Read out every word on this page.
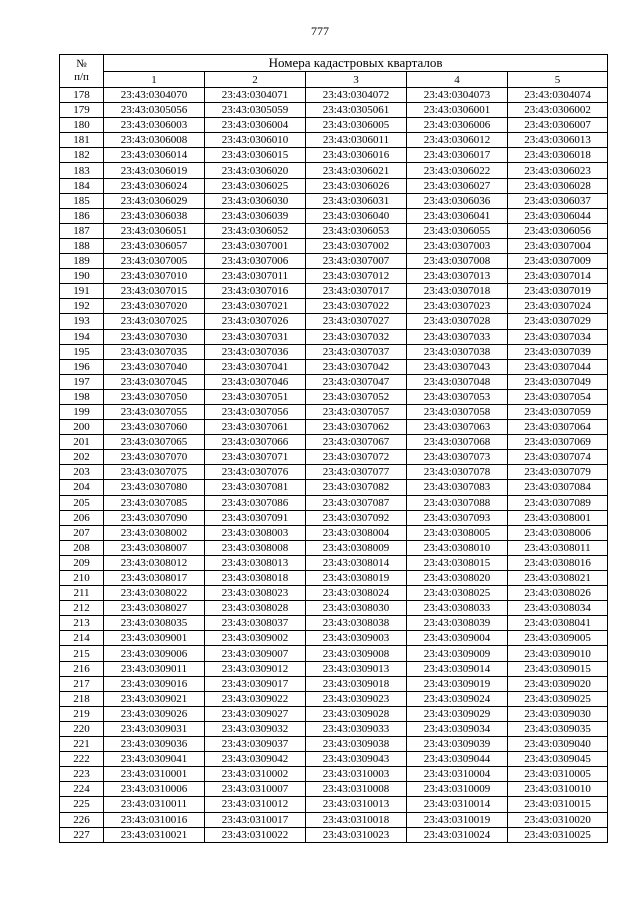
777
№
п/п	Номера кадастровых кварталов				
	1	2	3	4	5
178	23:43:0304070	23:43:0304071	23:43:0304072	23:43:0304073	23:43:0304074
179	23:43:0305056	23:43:0305059	23:43:0305061	23:43:0306001	23:43:0306002
180	23:43:0306003	23:43:0306004	23:43:0306005	23:43:0306006	23:43:0306007
181	23:43:0306008	23:43:0306010	23:43:0306011	23:43:0306012	23:43:0306013
182	23:43:0306014	23:43:0306015	23:43:0306016	23:43:0306017	23:43:0306018
183	23:43:0306019	23:43:0306020	23:43:0306021	23:43:0306022	23:43:0306023
184	23:43:0306024	23:43:0306025	23:43:0306026	23:43:0306027	23:43:0306028
185	23:43:0306029	23:43:0306030	23:43:0306031	23:43:0306036	23:43:0306037
186	23:43:0306038	23:43:0306039	23:43:0306040	23:43:0306041	23:43:0306044
187	23:43:0306051	23:43:0306052	23:43:0306053	23:43:0306055	23:43:0306056
188	23:43:0306057	23:43:0307001	23:43:0307002	23:43:0307003	23:43:0307004
189	23:43:0307005	23:43:0307006	23:43:0307007	23:43:0307008	23:43:0307009
190	23:43:0307010	23:43:0307011	23:43:0307012	23:43:0307013	23:43:0307014
191	23:43:0307015	23:43:0307016	23:43:0307017	23:43:0307018	23:43:0307019
192	23:43:0307020	23:43:0307021	23:43:0307022	23:43:0307023	23:43:0307024
193	23:43:0307025	23:43:0307026	23:43:0307027	23:43:0307028	23:43:0307029
194	23:43:0307030	23:43:0307031	23:43:0307032	23:43:0307033	23:43:0307034
195	23:43:0307035	23:43:0307036	23:43:0307037	23:43:0307038	23:43:0307039
196	23:43:0307040	23:43:0307041	23:43:0307042	23:43:0307043	23:43:0307044
197	23:43:0307045	23:43:0307046	23:43:0307047	23:43:0307048	23:43:0307049
198	23:43:0307050	23:43:0307051	23:43:0307052	23:43:0307053	23:43:0307054
199	23:43:0307055	23:43:0307056	23:43:0307057	23:43:0307058	23:43:0307059
200	23:43:0307060	23:43:0307061	23:43:0307062	23:43:0307063	23:43:0307064
201	23:43:0307065	23:43:0307066	23:43:0307067	23:43:0307068	23:43:0307069
202	23:43:0307070	23:43:0307071	23:43:0307072	23:43:0307073	23:43:0307074
203	23:43:0307075	23:43:0307076	23:43:0307077	23:43:0307078	23:43:0307079
204	23:43:0307080	23:43:0307081	23:43:0307082	23:43:0307083	23:43:0307084
205	23:43:0307085	23:43:0307086	23:43:0307087	23:43:0307088	23:43:0307089
206	23:43:0307090	23:43:0307091	23:43:0307092	23:43:0307093	23:43:0308001
207	23:43:0308002	23:43:0308003	23:43:0308004	23:43:0308005	23:43:0308006
208	23:43:0308007	23:43:0308008	23:43:0308009	23:43:0308010	23:43:0308011
209	23:43:0308012	23:43:0308013	23:43:0308014	23:43:0308015	23:43:0308016
210	23:43:0308017	23:43:0308018	23:43:0308019	23:43:0308020	23:43:0308021
211	23:43:0308022	23:43:0308023	23:43:0308024	23:43:0308025	23:43:0308026
212	23:43:0308027	23:43:0308028	23:43:0308030	23:43:0308033	23:43:0308034
213	23:43:0308035	23:43:0308037	23:43:0308038	23:43:0308039	23:43:0308041
214	23:43:0309001	23:43:0309002	23:43:0309003	23:43:0309004	23:43:0309005
215	23:43:0309006	23:43:0309007	23:43:0309008	23:43:0309009	23:43:0309010
216	23:43:0309011	23:43:0309012	23:43:0309013	23:43:0309014	23:43:0309015
217	23:43:0309016	23:43:0309017	23:43:0309018	23:43:0309019	23:43:0309020
218	23:43:0309021	23:43:0309022	23:43:0309023	23:43:0309024	23:43:0309025
219	23:43:0309026	23:43:0309027	23:43:0309028	23:43:0309029	23:43:0309030
220	23:43:0309031	23:43:0309032	23:43:0309033	23:43:0309034	23:43:0309035
221	23:43:0309036	23:43:0309037	23:43:0309038	23:43:0309039	23:43:0309040
222	23:43:0309041	23:43:0309042	23:43:0309043	23:43:0309044	23:43:0309045
223	23:43:0310001	23:43:0310002	23:43:0310003	23:43:0310004	23:43:0310005
224	23:43:0310006	23:43:0310007	23:43:0310008	23:43:0310009	23:43:0310010
225	23:43:0310011	23:43:0310012	23:43:0310013	23:43:0310014	23:43:0310015
226	23:43:0310016	23:43:0310017	23:43:0310018	23:43:0310019	23:43:0310020
227	23:43:0310021	23:43:0310022	23:43:0310023	23:43:0310024	23:43:0310025
